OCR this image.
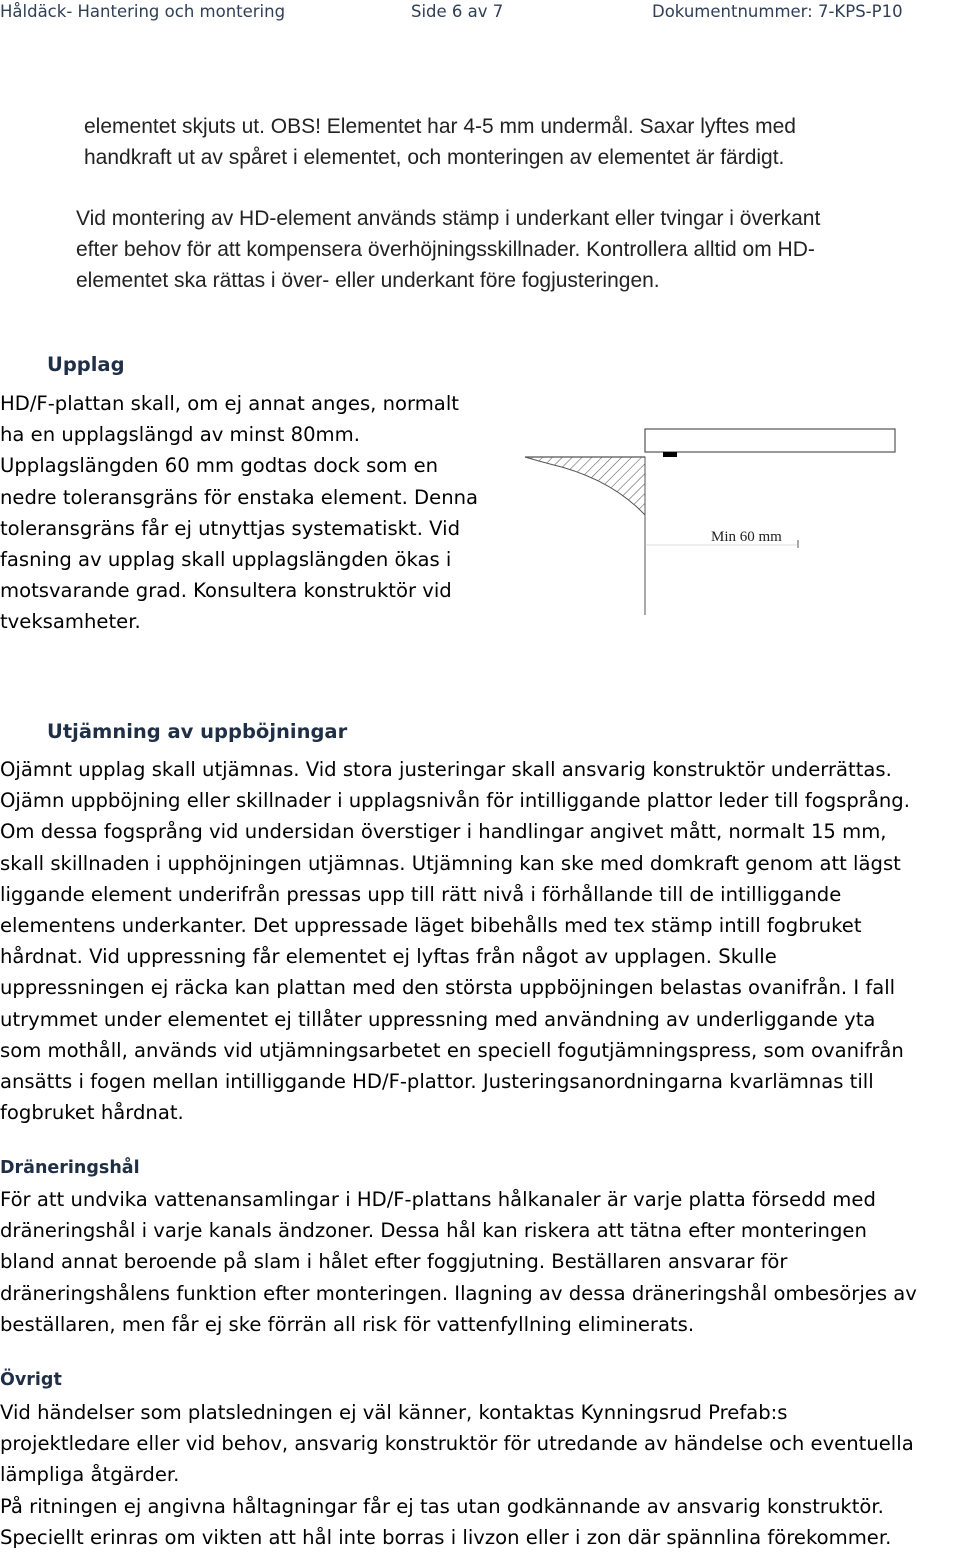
Håldäck- Hantering och montering	Side 6 av 7	Dokumentnummer: 7-KPS-P10
elementet skjuts ut. OBS! Elementet har 4-5 mm undermål. Saxar lyftes med
handkraft ut av spåret i elementet, och monteringen av elementet är färdigt.
Vid montering av HD-element används stämp i underkant eller tvingar i överkant
efter behov för att kompensera överhöjningsskillnader. Kontrollera alltid om HD-
elementet ska rättas i över- eller underkant före fogjusteringen.
Upplag
HD/F-plattan skall, om ej annat anges, normalt
ha en upplagslängd av minst 80mm.
Upplagslängden 60 mm godtas dock som en
nedre toleransgräns för enstaka element. Denna
toleransgräns får ej utnyttjas systematiskt. Vid
fasning av upplag skall upplagslängden ökas i
motsvarande grad. Konsultera konstruktör vid
tveksamheter.
Min 60 mm
Utjämning av uppböjningar
Ojämnt upplag skall utjämnas. Vid stora justeringar skall ansvarig konstruktör underrättas.
Ojämn uppböjning eller skillnader i upplagsnivån för intilliggande plattor leder till fogsprång.
Om dessa fogsprång vid undersidan överstiger i handlingar angivet mått, normalt 15 mm,
skall skillnaden i upphöjningen utjämnas. Utjämning kan ske med domkraft genom att lägst
liggande element underifrån pressas upp till rätt nivå i förhållande till de intilliggande
elementens underkanter. Det uppressade läget bibehålls med tex stämp intill fogbruket
hårdnat. Vid uppressning får elementet ej lyftas från något av upplagen. Skulle
uppressningen ej räcka kan plattan med den största uppböjningen belastas ovanifrån. I fall
utrymmet under elementet ej tillåter uppressning med användning av underliggande yta
som mothåll, används vid utjämningsarbetet en speciell fogutjämningspress, som ovanifrån
ansätts i fogen mellan intilliggande HD/F-plattor. Justeringsanordningarna kvarlämnas till
fogbruket hårdnat.
Dräneringshål
För att undvika vattenansamlingar i HD/F-plattans hålkanaler är varje platta försedd med
dräneringshål i varje kanals ändzoner. Dessa hål kan riskera att tätna efter monteringen
bland annat beroende på slam i hålet efter foggjutning. Beställaren ansvarar för
dräneringshålens funktion efter monteringen. Ilagning av dessa dräneringshål ombesörjes av
beställaren, men får ej ske förrän all risk för vattenfyllning eliminerats.
Övrigt
Vid händelser som platsledningen ej väl känner, kontaktas Kynningsrud Prefab:s
projektledare eller vid behov, ansvarig konstruktör för utredande av händelse och eventuella
lämpliga åtgärder.
På ritningen ej angivna håltagningar får ej tas utan godkännande av ansvarig konstruktör.
Speciellt erinras om vikten att hål inte borras i livzon eller i zon där spännlina förekommer.
